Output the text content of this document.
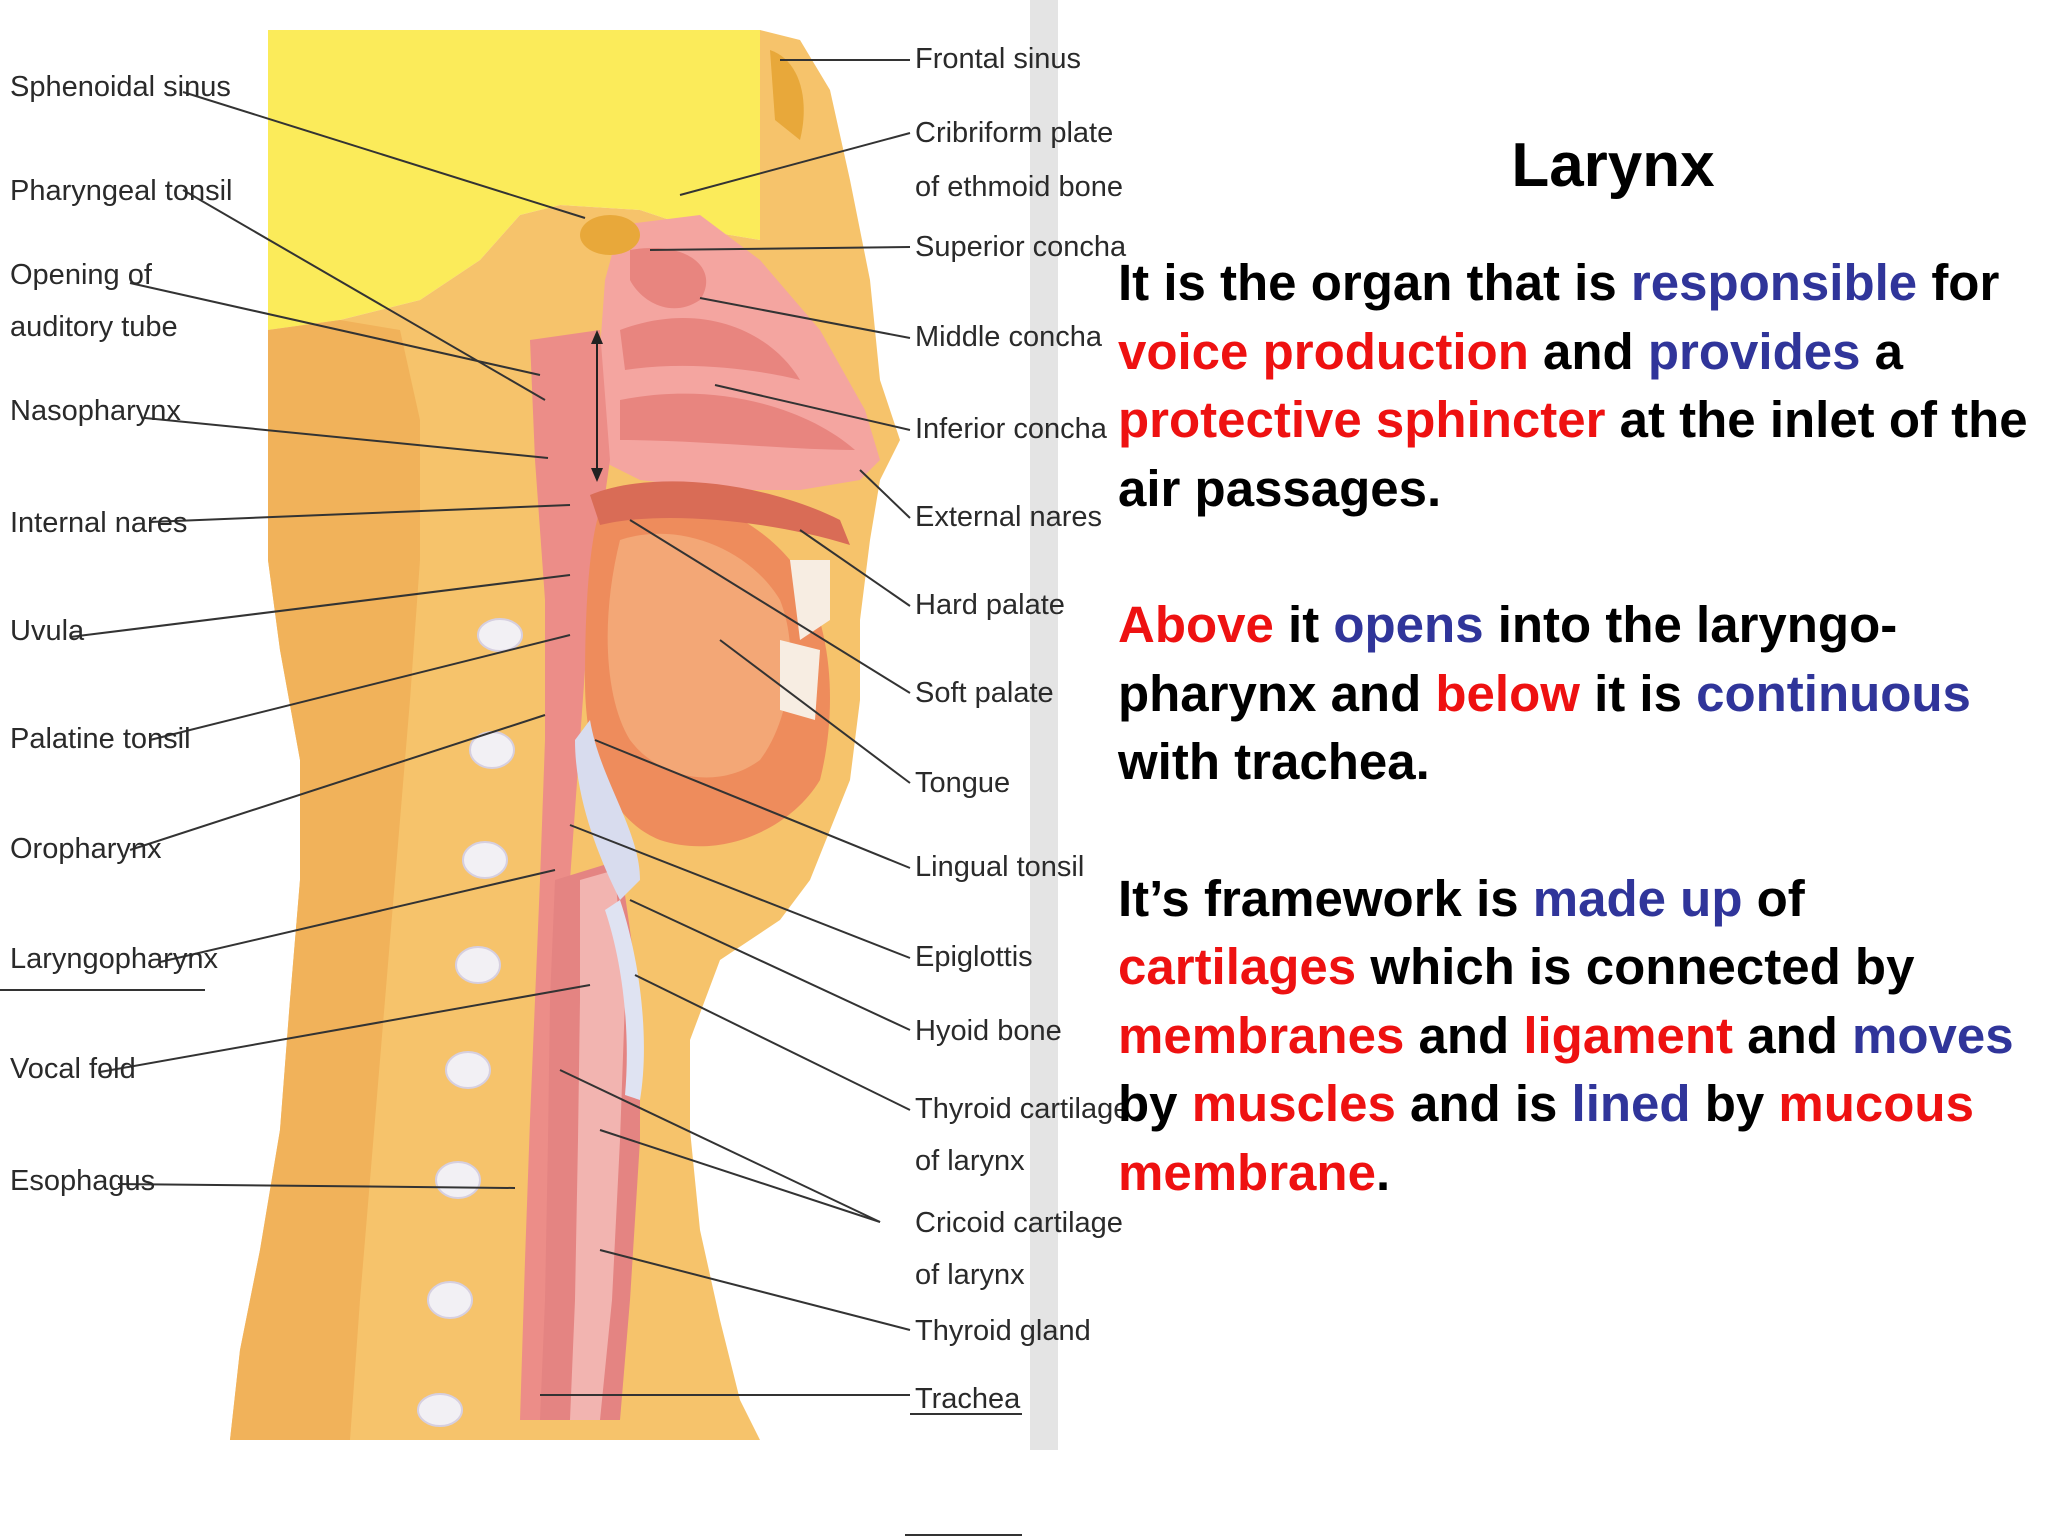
Sphenoidal sinus
Pharyngeal tonsil
Opening of
auditory tube
Nasopharynx
Internal nares
Uvula
Palatine tonsil
Oropharynx
Laryngopharynx
Vocal fold
Esophagus
Frontal sinus
Cribriform plate
of ethmoid bone
Superior concha
Middle concha
Inferior concha
External nares
Hard palate
Soft palate
Tongue
Lingual tonsil
Epiglottis
Hyoid bone
Thyroid cartilage
of larynx
Cricoid cartilage
of larynx
Thyroid gland
Trachea
Larynx

It is the organ that is responsible for voice production and provides a protective sphincter at the inlet of the air passages.

Above it opens into the laryngo-pharynx and below it is continuous with trachea.

It’s framework is made up of cartilages which is connected by membranes and ligament and moves by muscles and is lined by mucous membrane.
